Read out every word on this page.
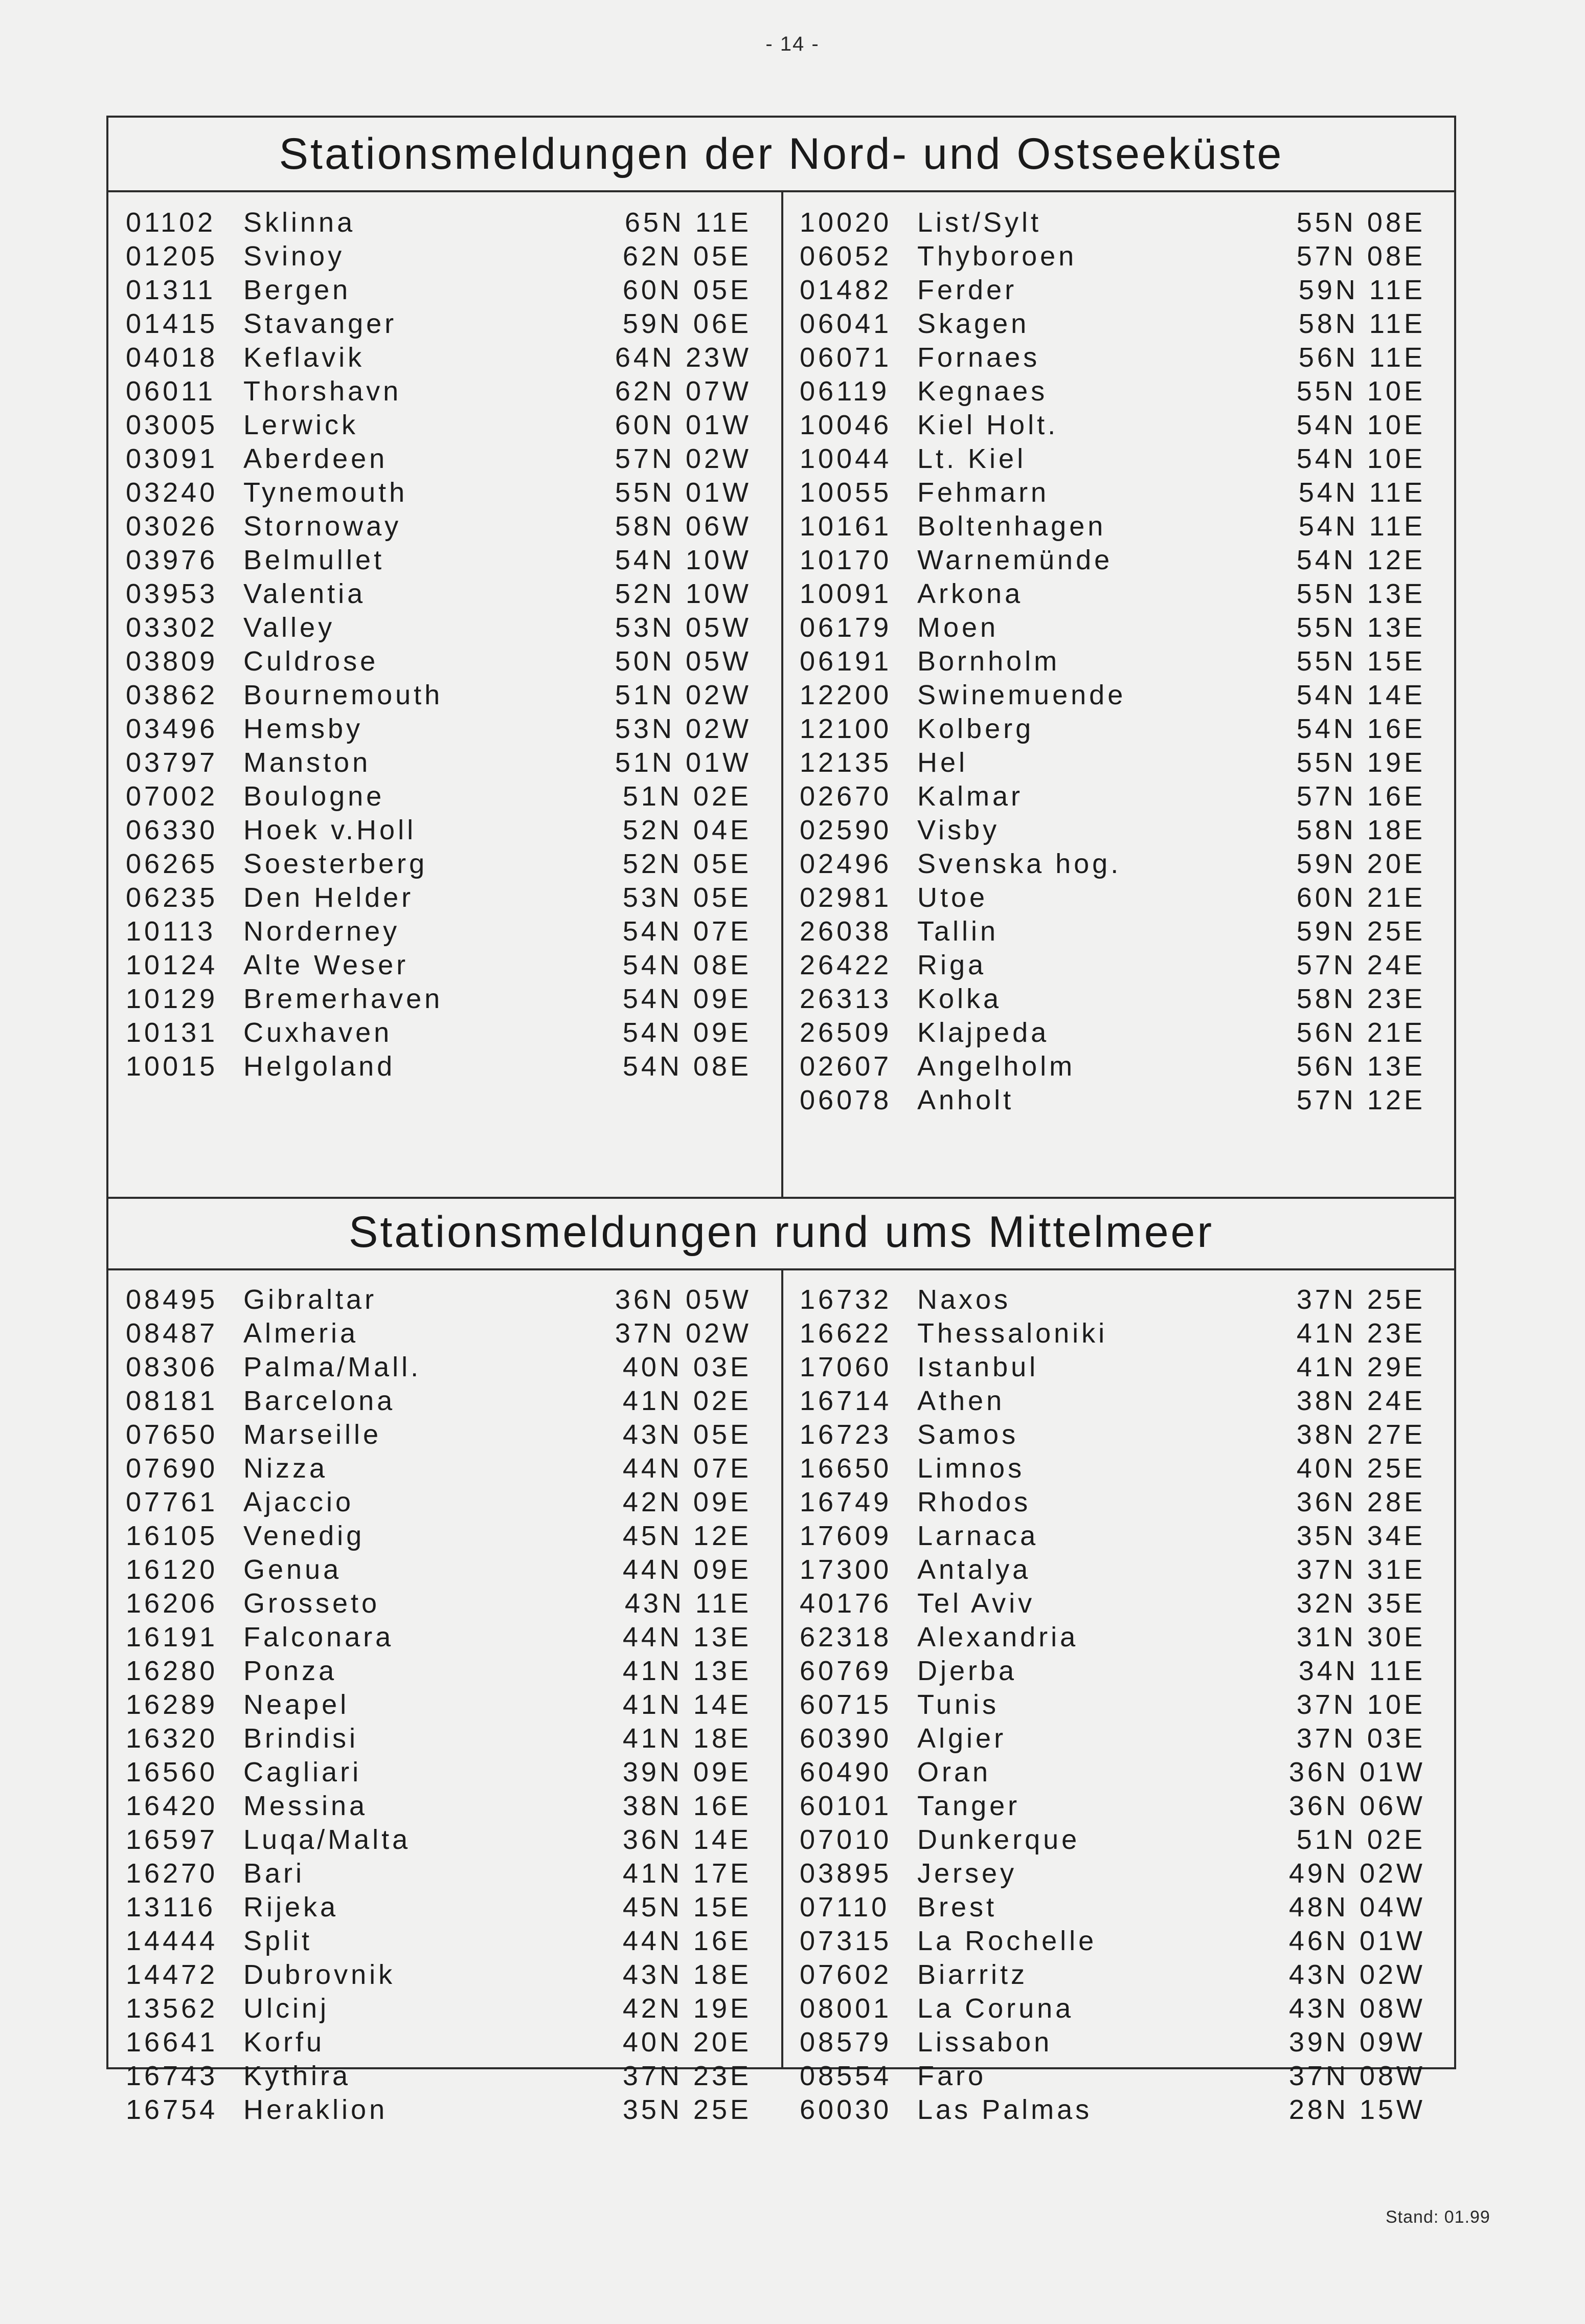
- 14 -
Stationsmeldungen der Nord- und Ostseeküste
01102 Sklinna	65N 11E
01205 Svinoy	62N 05E
01311 Bergen	60N 05E
01415 Stavanger	59N 06E
04018 Keflavik	64N 23W
06011 Thorshavn	62N 07W
03005 Lerwick	60N 01W
03091 Aberdeen	57N 02W
03240 Tynemouth	55N 01W
03026 Stornoway	58N 06W
03976 Belmullet	54N 10W
03953 Valentia	52N 10W
03302 Valley	53N 05W
03809 Culdrose	50N 05W
03862 Bournemouth	51N 02W
03496 Hemsby	53N 02W
03797 Manston	51N 01W
07002 Boulogne	51N 02E
06330 Hoek v.Holl	52N 04E
06265 Soesterberg	52N 05E
06235 Den Helder	53N 05E
10113 Norderney	54N 07E
10124 Alte Weser	54N 08E
10129 Bremerhaven	54N 09E
10131 Cuxhaven	54N 09E
10015 Helgoland	54N 08E
10020 List/Sylt	55N 08E
06052 Thyboroen	57N 08E
01482 Ferder	59N 11E
06041 Skagen	58N 11E
06071 Fornaes	56N 11E
06119 Kegnaes	55N 10E
10046 Kiel Holt.	54N 10E
10044 Lt. Kiel	54N 10E
10055 Fehmarn	54N 11E
10161 Boltenhagen	54N 11E
10170 Warnemünde	54N 12E
10091 Arkona	55N 13E
06179 Moen	55N 13E
06191 Bornholm	55N 15E
12200 Swinemuende	54N 14E
12100 Kolberg	54N 16E
12135 Hel	55N 19E
02670 Kalmar	57N 16E
02590 Visby	58N 18E
02496 Svenska hog.	59N 20E
02981 Utoe	60N 21E
26038 Tallin	59N 25E
26422 Riga	57N 24E
26313 Kolka	58N 23E
26509 Klajpeda	56N 21E
02607 Angelholm	56N 13E
06078 Anholt	57N 12E
Stationsmeldungen rund ums Mittelmeer
08495 Gibraltar	36N 05W
08487 Almeria	37N 02W
08306 Palma/Mall.	40N 03E
08181 Barcelona	41N 02E
07650 Marseille	43N 05E
07690 Nizza	44N 07E
07761 Ajaccio	42N 09E
16105 Venedig	45N 12E
16120 Genua	44N 09E
16206 Grosseto	43N 11E
16191 Falconara	44N 13E
16280 Ponza	41N 13E
16289 Neapel	41N 14E
16320 Brindisi	41N 18E
16560 Cagliari	39N 09E
16420 Messina	38N 16E
16597 Luqa/Malta	36N 14E
16270 Bari	41N 17E
13116 Rijeka	45N 15E
14444 Split	44N 16E
14472 Dubrovnik	43N 18E
13562 Ulcinj	42N 19E
16641 Korfu	40N 20E
16743 Kythira	37N 23E
16754 Heraklion	35N 25E
16732 Naxos	37N 25E
16622 Thessaloniki	41N 23E
17060 Istanbul	41N 29E
16714 Athen	38N 24E
16723 Samos	38N 27E
16650 Limnos	40N 25E
16749 Rhodos	36N 28E
17609 Larnaca	35N 34E
17300 Antalya	37N 31E
40176 Tel Aviv	32N 35E
62318 Alexandria	31N 30E
60769 Djerba	34N 11E
60715 Tunis	37N 10E
60390 Algier	37N 03E
60490 Oran	36N 01W
60101 Tanger	36N 06W
07010 Dunkerque	51N 02E
03895 Jersey	49N 02W
07110 Brest	48N 04W
07315 La Rochelle	46N 01W
07602 Biarritz	43N 02W
08001 La Coruna	43N 08W
08579 Lissabon	39N 09W
08554 Faro	37N 08W
60030 Las Palmas	28N 15W
Stand: 01.99
